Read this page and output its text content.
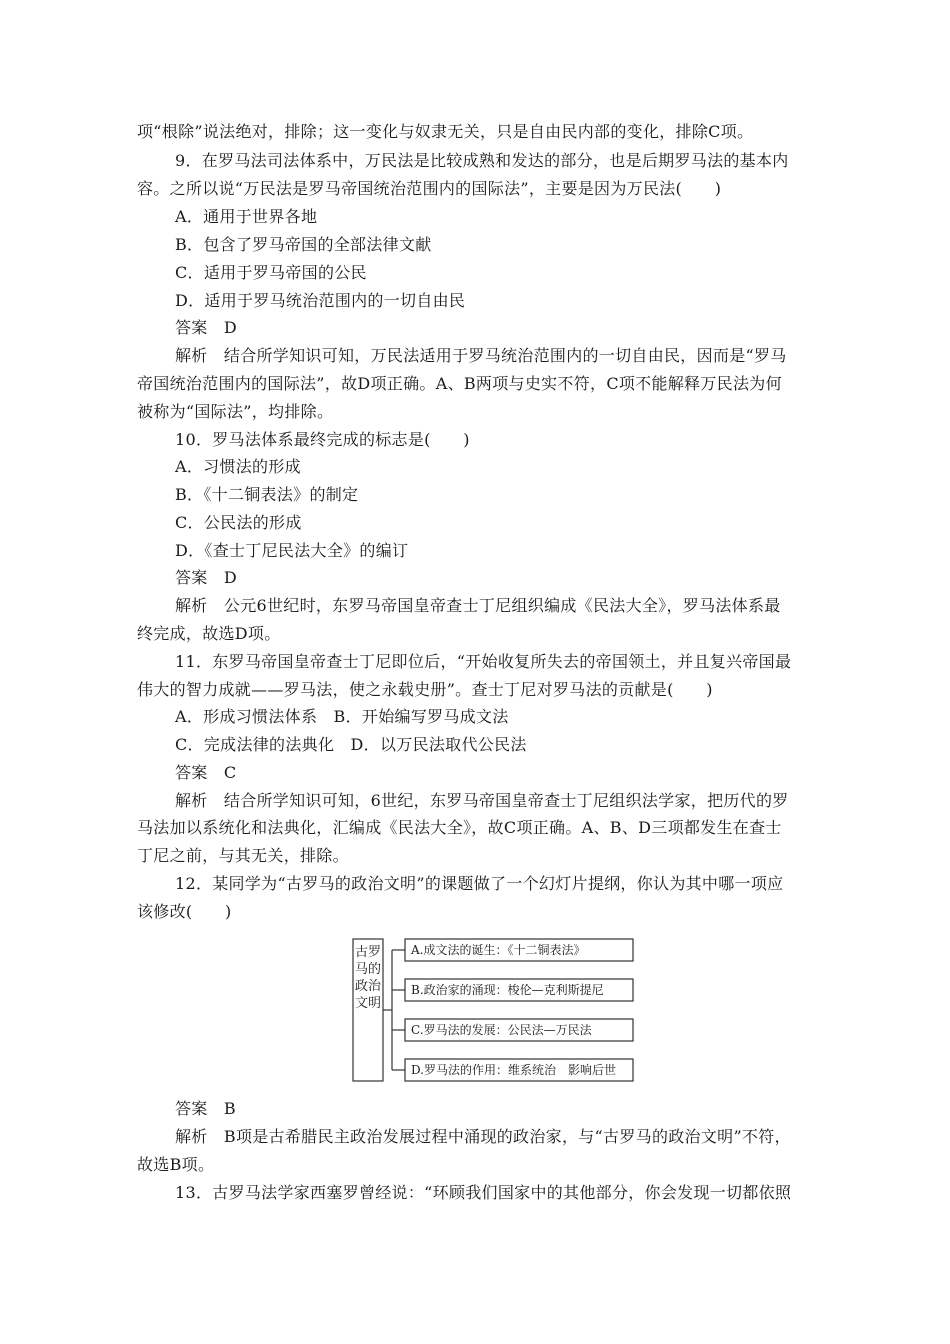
项“根除”说法绝对，排除；这一变化与奴隶无关，只是自由民内部的变化，排除C项。
9．在罗马法司法体系中，万民法是比较成熟和发达的部分，也是后期罗马法的基本内
容。之所以说“万民法是罗马帝国统治范围内的国际法”，主要是因为万民法(　　)
A．通用于世界各地
B．包含了罗马帝国的全部法律文献
C．适用于罗马帝国的公民
D．适用于罗马统治范围内的一切自由民
答案　D
解析　结合所学知识可知，万民法适用于罗马统治范围内的一切自由民，因而是“罗马
帝国统治范围内的国际法”，故D项正确。A、B两项与史实不符，C项不能解释万民法为何
被称为“国际法”，均排除。
10．罗马法体系最终完成的标志是(　　)
A．习惯法的形成
B．《十二铜表法》的制定
C．公民法的形成
D．《查士丁尼民法大全》的编订
答案　D
解析　公元6世纪时，东罗马帝国皇帝查士丁尼组织编成《民法大全》，罗马法体系最
终完成，故选D项。
11．东罗马帝国皇帝查士丁尼即位后，“开始收复所失去的帝国领土，并且复兴帝国最
伟大的智力成就——罗马法，使之永载史册”。查士丁尼对罗马法的贡献是(　　)
A．形成习惯法体系　B．开始编写罗马成文法
C．完成法律的法典化　D．以万民法取代公民法
答案　C
解析　结合所学知识可知，6世纪，东罗马帝国皇帝查士丁尼组织法学家，把历代的罗
马法加以系统化和法典化，汇编成《民法大全》，故C项正确。A、B、D三项都发生在查士
丁尼之前，与其无关，排除。
12．某同学为“古罗马的政治文明”的课题做了一个幻灯片提纲，你认为其中哪一项应
该修改(　　)
古罗马的政治文明
A.成文法的诞生：《十二铜表法》
B.政治家的涌现：梭伦—克利斯提尼
C.罗马法的发展：公民法—万民法
D.罗马法的作用：维系统治　影响后世
答案　B
解析　B项是古希腊民主政治发展过程中涌现的政治家，与“古罗马的政治文明”不符，
故选B项。
13．古罗马法学家西塞罗曾经说：“环顾我们国家中的其他部分，你会发现一切都依照
